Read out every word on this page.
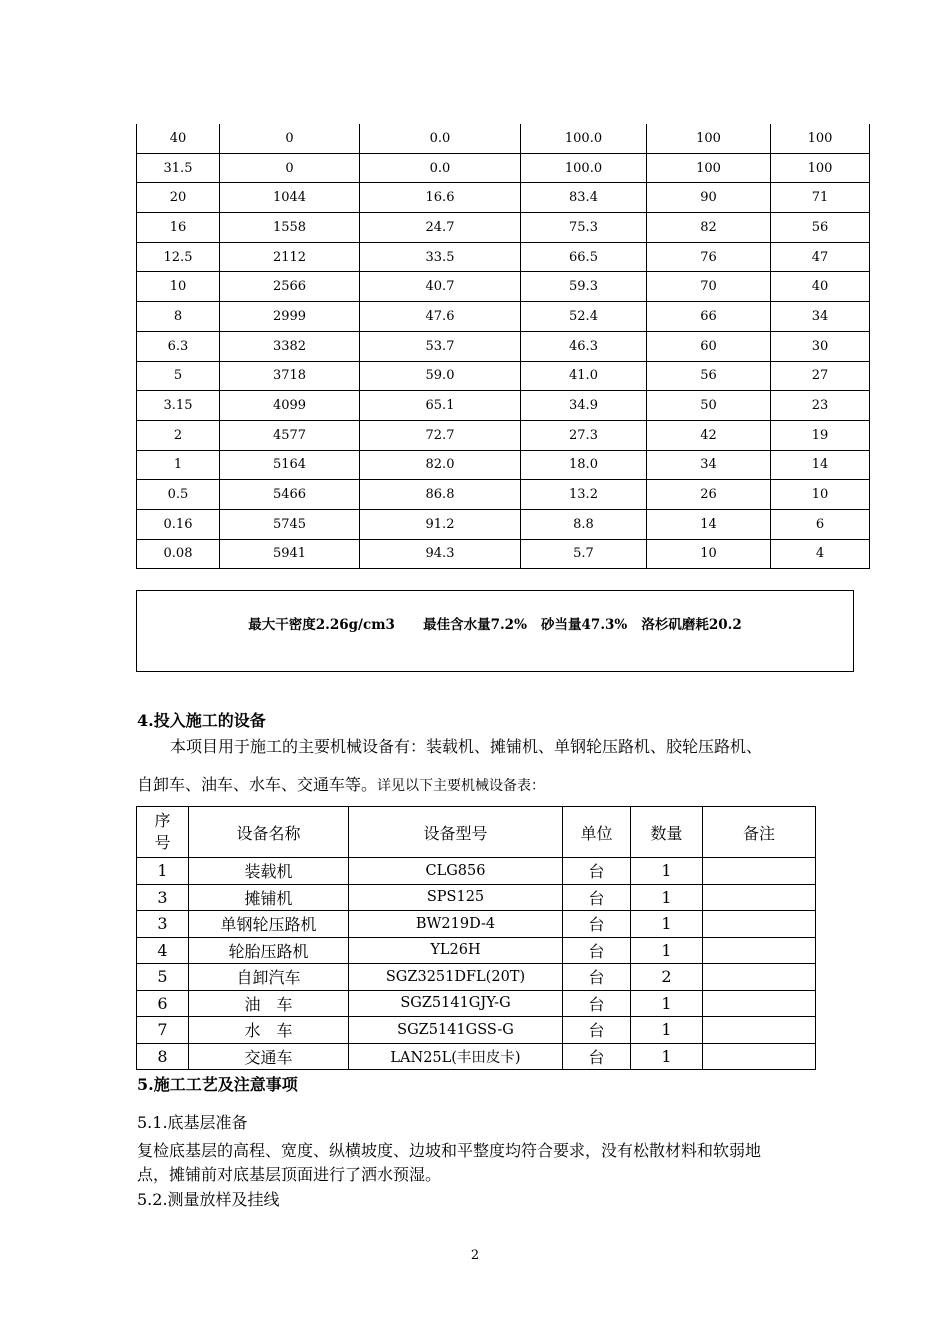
40	0	0.0	100.0	100	100
31.5	0	0.0	100.0	100	100
20	1044	16.6	83.4	90	71
16	1558	24.7	75.3	82	56
12.5	2112	33.5	66.5	76	47
10	2566	40.7	59.3	70	40
8	2999	47.6	52.4	66	34
6.3	3382	53.7	46.3	60	30
5	3718	59.0	41.0	56	27
3.15	4099	65.1	34.9	50	23
2	4577	72.7	27.3	42	19
1	5164	82.0	18.0	34	14
0.5	5466	86.8	13.2	26	10
0.16	5745	91.2	8.8	14	6
0.08	5941	94.3	5.7	10	4
最大干密度2.26g/cm3 最佳含水量7.2% 砂当量47.3% 洛杉矶磨耗20.2
4.投入施工的设备
本项目用于施工的主要机械设备有：装载机、摊铺机、单钢轮压路机、胶轮压路机、
自卸车、油车、水车、交通车等。详见以下主要机械设备表：
序号	设备名称	设备型号	单位	数量	备注
1	装载机	CLG856	台	1	
3	摊铺机	SPS125	台	1	
3	单钢轮压路机	BW219D-4	台	1	
4	轮胎压路机	YL26H	台	1	
5	自卸汽车	SGZ3251DFL(20T)	台	2	
6	油　车	SGZ5141GJY-G	台	1	
7	水　车	SGZ5141GSS-G	台	1	
8	交通车	LAN25L(丰田皮卡)	台	1	
5.施工工艺及注意事项
5.1.底基层准备
复检底基层的高程、宽度、纵横坡度、边坡和平整度均符合要求，没有松散材料和软弱地
点，摊铺前对底基层顶面进行了洒水预湿。
5.2.测量放样及挂线
2
